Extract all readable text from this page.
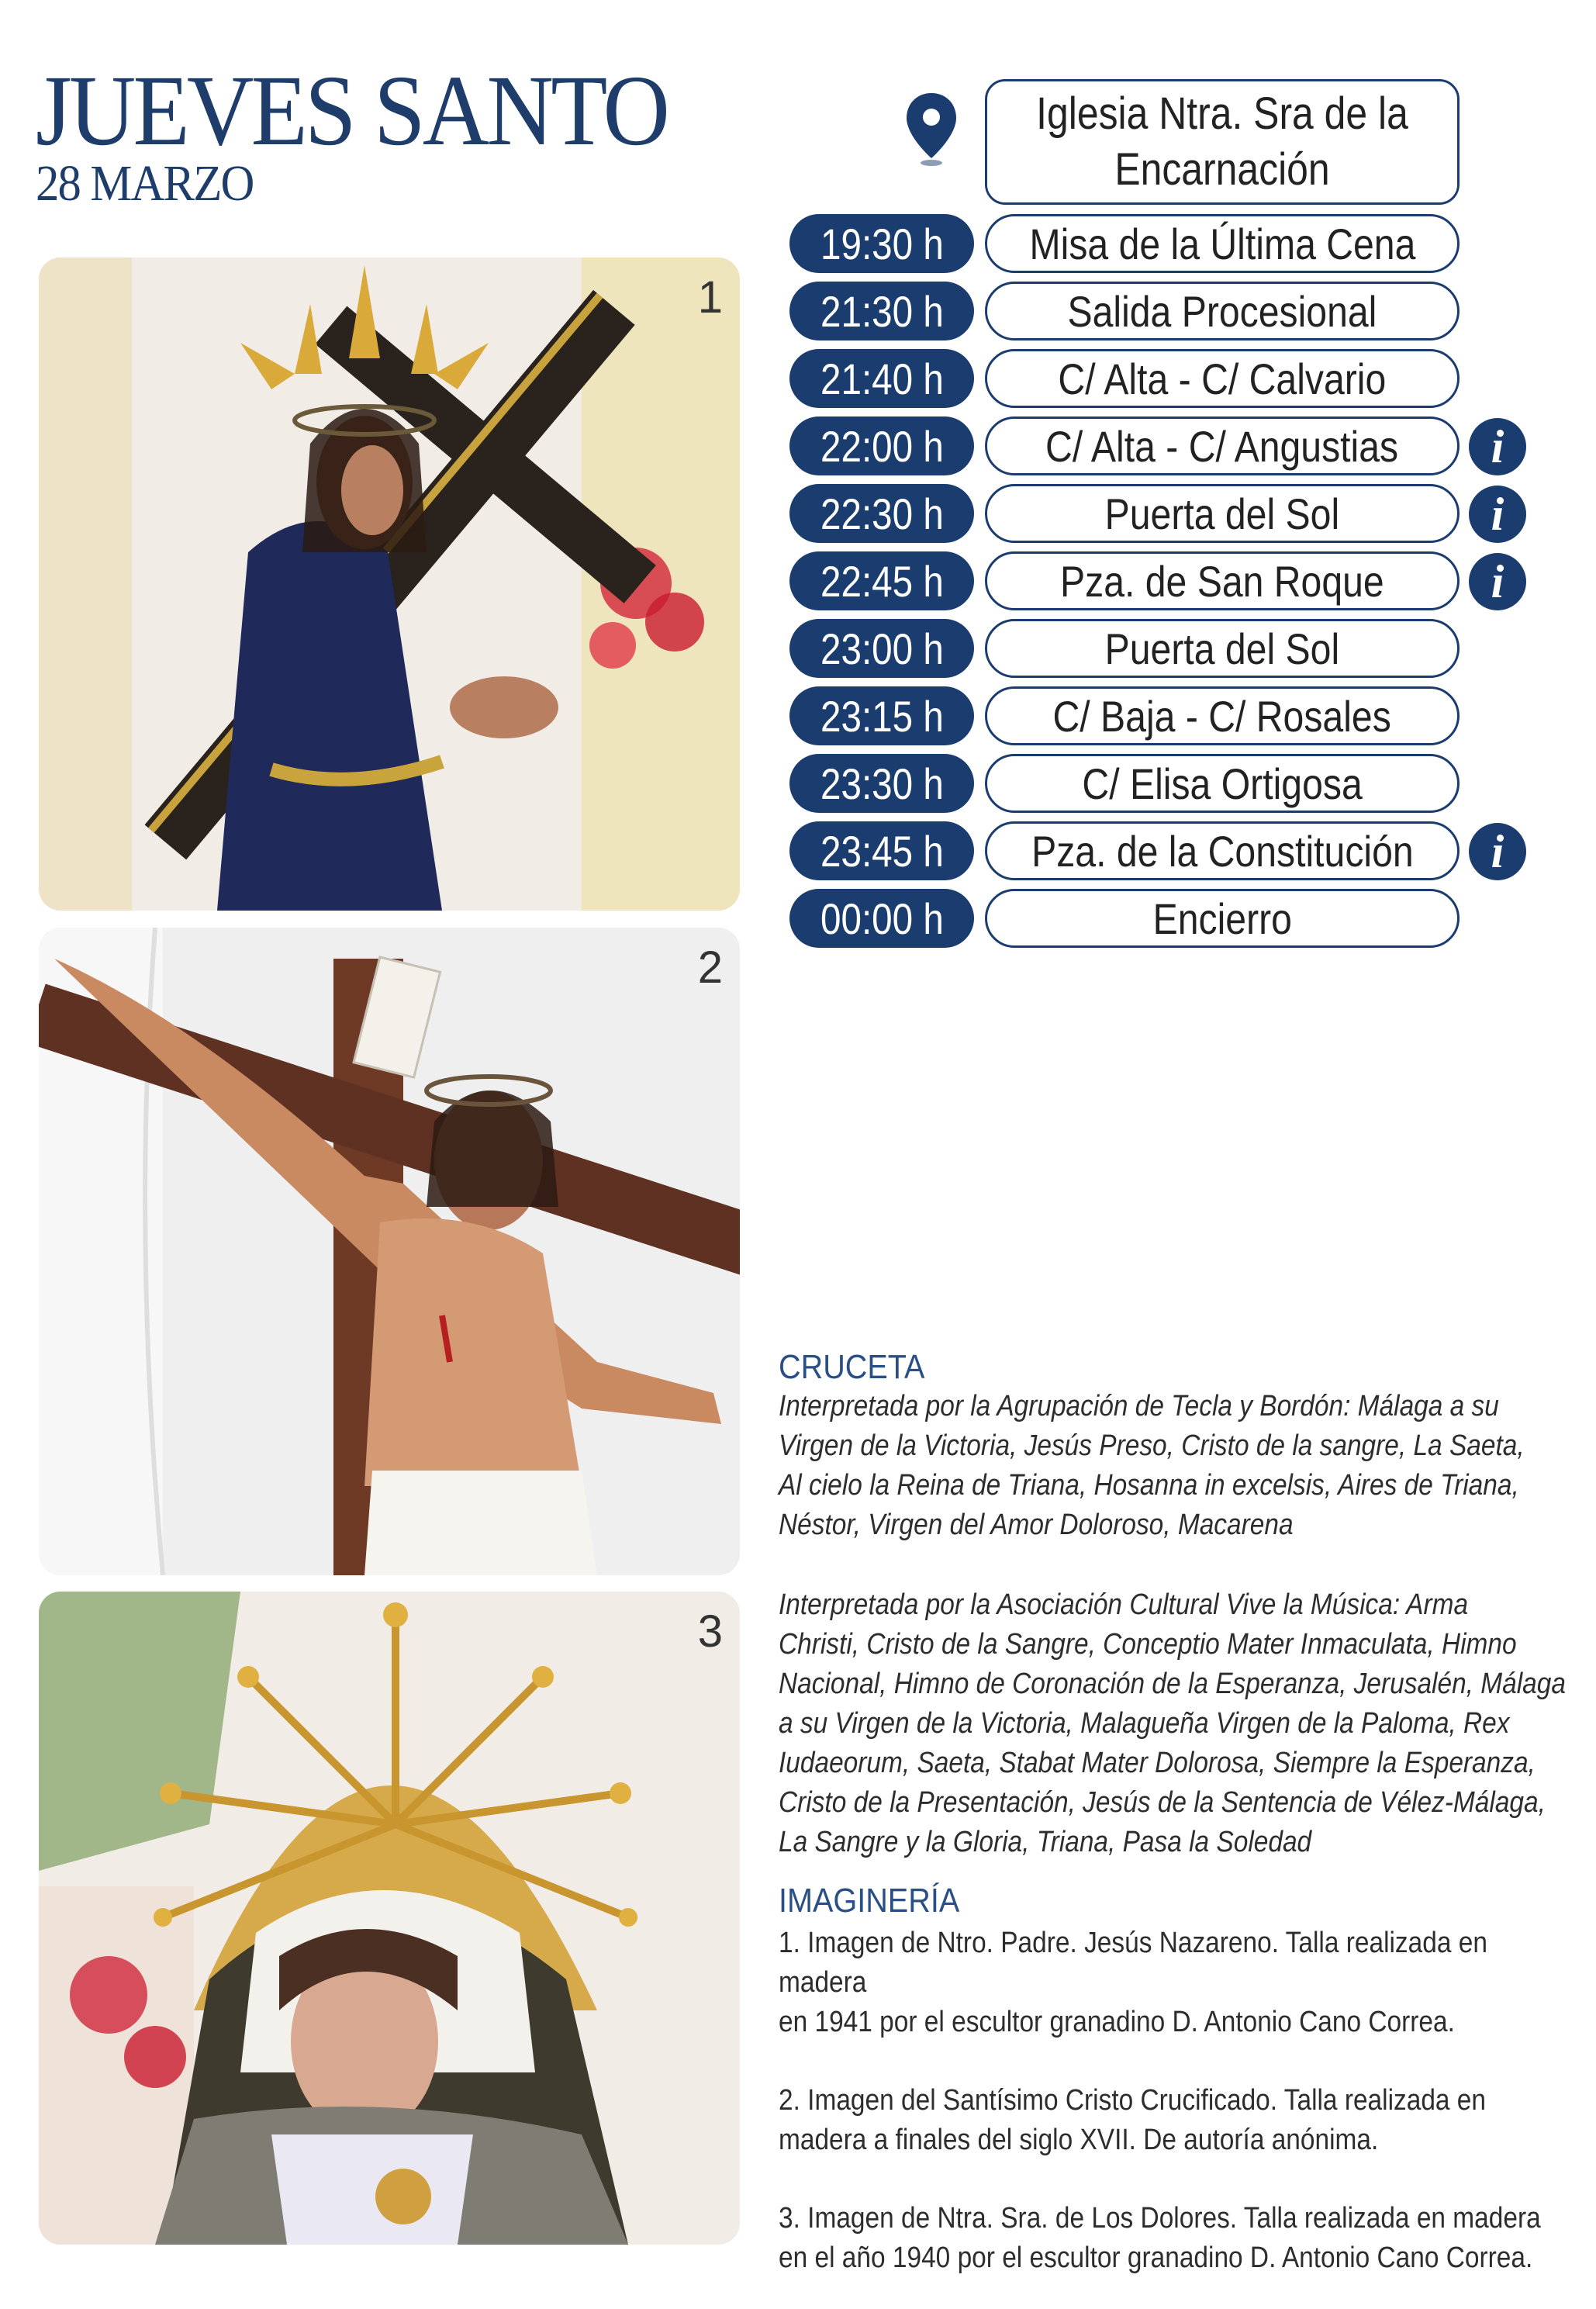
JUEVES SANTO
28 MARZO
1
2
3
Iglesia Ntra. Sra de la Encarnación
19:30 h Misa de la Última Cena
21:30 h	Salida Procesional
21:40 h	C/ Alta - C/ Calvario
22:00 h C/ Alta - C/ Angustias	i
22:30 h	Puerta del Sol	i
22:45 h	Pza. de San Roque	i
23:00 h	Puerta del Sol
23:15 h	C/ Baja - C/ Rosales
23:30 h	C/ Elisa Ortigosa
23:45 h Pza. de la Constitución	i
00:00 h	Encierro
CRUCETA
Interpretada por la Agrupación de Tecla y Bordón: Málaga a su
Virgen de la Victoria, Jesús Preso, Cristo de la sangre, La Saeta,
Al cielo la Reina de Triana, Hosanna in excelsis, Aires de Triana,
Néstor, Virgen del Amor Doloroso, Macarena
Interpretada por la Asociación Cultural Vive la Música: Arma
Christi, Cristo de la Sangre, Conceptio Mater Inmaculata, Himno
Nacional, Himno de Coronación de la Esperanza, Jerusalén, Málaga
a su Virgen de la Victoria, Malagueña Virgen de la Paloma, Rex
Iudaeorum, Saeta, Stabat Mater Dolorosa, Siempre la Esperanza,
Cristo de la Presentación, Jesús de la Sentencia de Vélez-Málaga,
La Sangre y la Gloria, Triana, Pasa la Soledad
IMAGINERÍA
1. Imagen de Ntro. Padre. Jesús Nazareno. Talla realizada en madera
en 1941 por el escultor granadino D. Antonio Cano Correa.
2. Imagen del Santísimo Cristo Crucificado. Talla realizada en
madera a finales del siglo XVII. De autoría anónima.
3. Imagen de Ntra. Sra. de Los Dolores. Talla realizada en madera
en el año 1940 por el escultor granadino D. Antonio Cano Correa.
